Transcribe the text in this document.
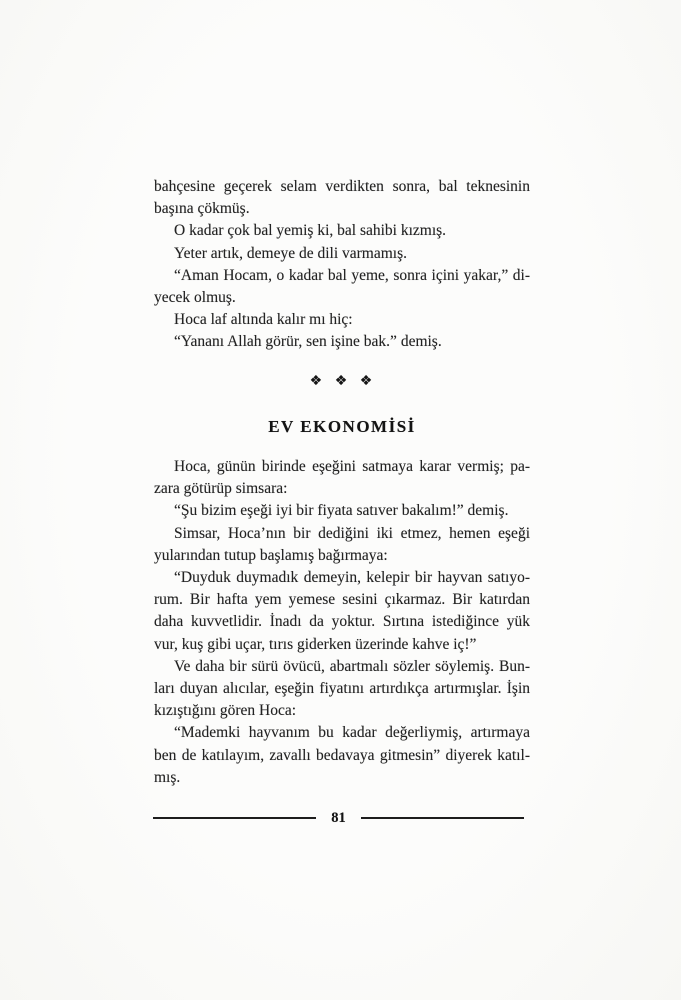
bahçesine geçerek selam verdikten sonra, bal teknesinin
başına çökmüş.
O kadar çok bal yemiş ki, bal sahibi kızmış.
Yeter artık, demeye de dili varmamış.
“Aman Hocam, o kadar bal yeme, sonra içini yakar,” di-
yecek olmuş.
Hoca laf altında kalır mı hiç:
“Yananı Allah görür, sen işine bak.” demiş.
❖ ❖ ❖
EV EKONOMİSİ
Hoca, günün birinde eşeğini satmaya karar vermiş; pa-
zara götürüp simsara:
“Şu bizim eşeği iyi bir fiyata satıver bakalım!” demiş.
Simsar, Hoca’nın bir dediğini iki etmez, hemen eşeği
yularından tutup başlamış bağırmaya:
“Duyduk duymadık demeyin, kelepir bir hayvan satıyo-
rum. Bir hafta yem yemese sesini çıkarmaz. Bir katırdan
daha kuvvetlidir. İnadı da yoktur. Sırtına istediğince yük
vur, kuş gibi uçar, tırıs giderken üzerinde kahve iç!”
Ve daha bir sürü övücü, abartmalı sözler söylemiş. Bun-
ları duyan alıcılar, eşeğin fiyatını artırdıkça artırmışlar. İşin
kızıştığını gören Hoca:
“Mademki hayvanım bu kadar değerliymiş, artırmaya
ben de katılayım, zavallı bedavaya gitmesin” diyerek katıl-
mış.
81
